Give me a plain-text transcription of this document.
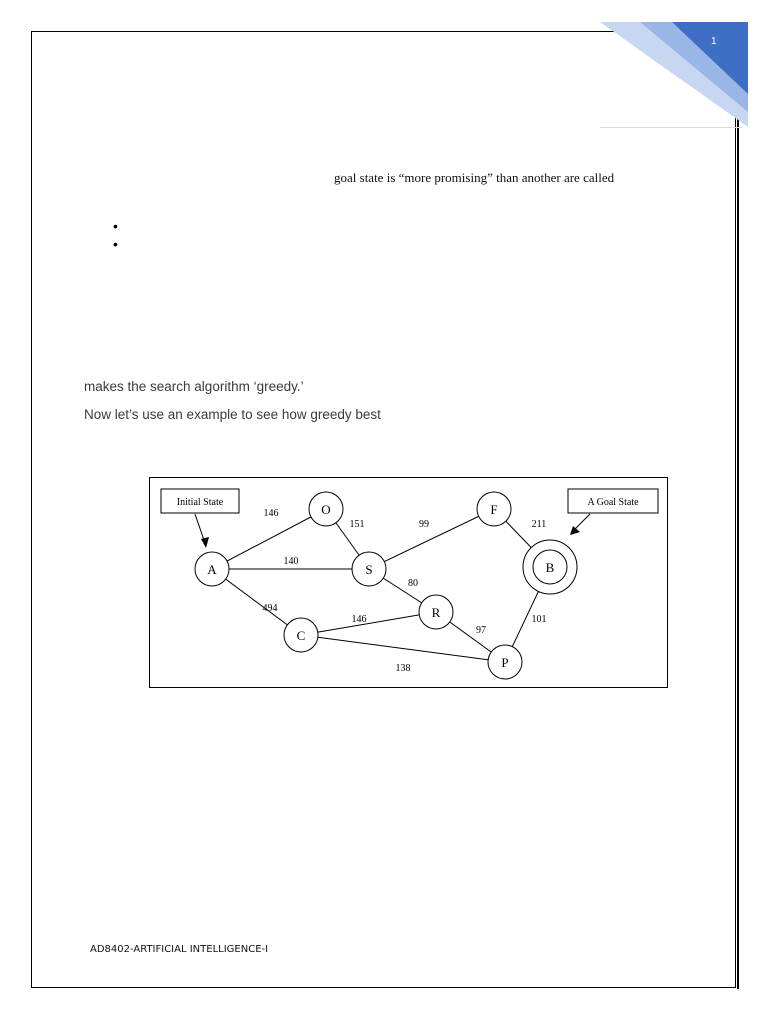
1
goal state is “more promising” than another are called
•
•
makes the search algorithm ‘greedy.’
Now let’s use an example to see how greedy best
146
151
140
99	211
80
494
146
97
101
138
A
O
S
F
B
R
C
P
Initial State	A Goal State
AD8402-ARTIFICIAL INTELLIGENCE-I
